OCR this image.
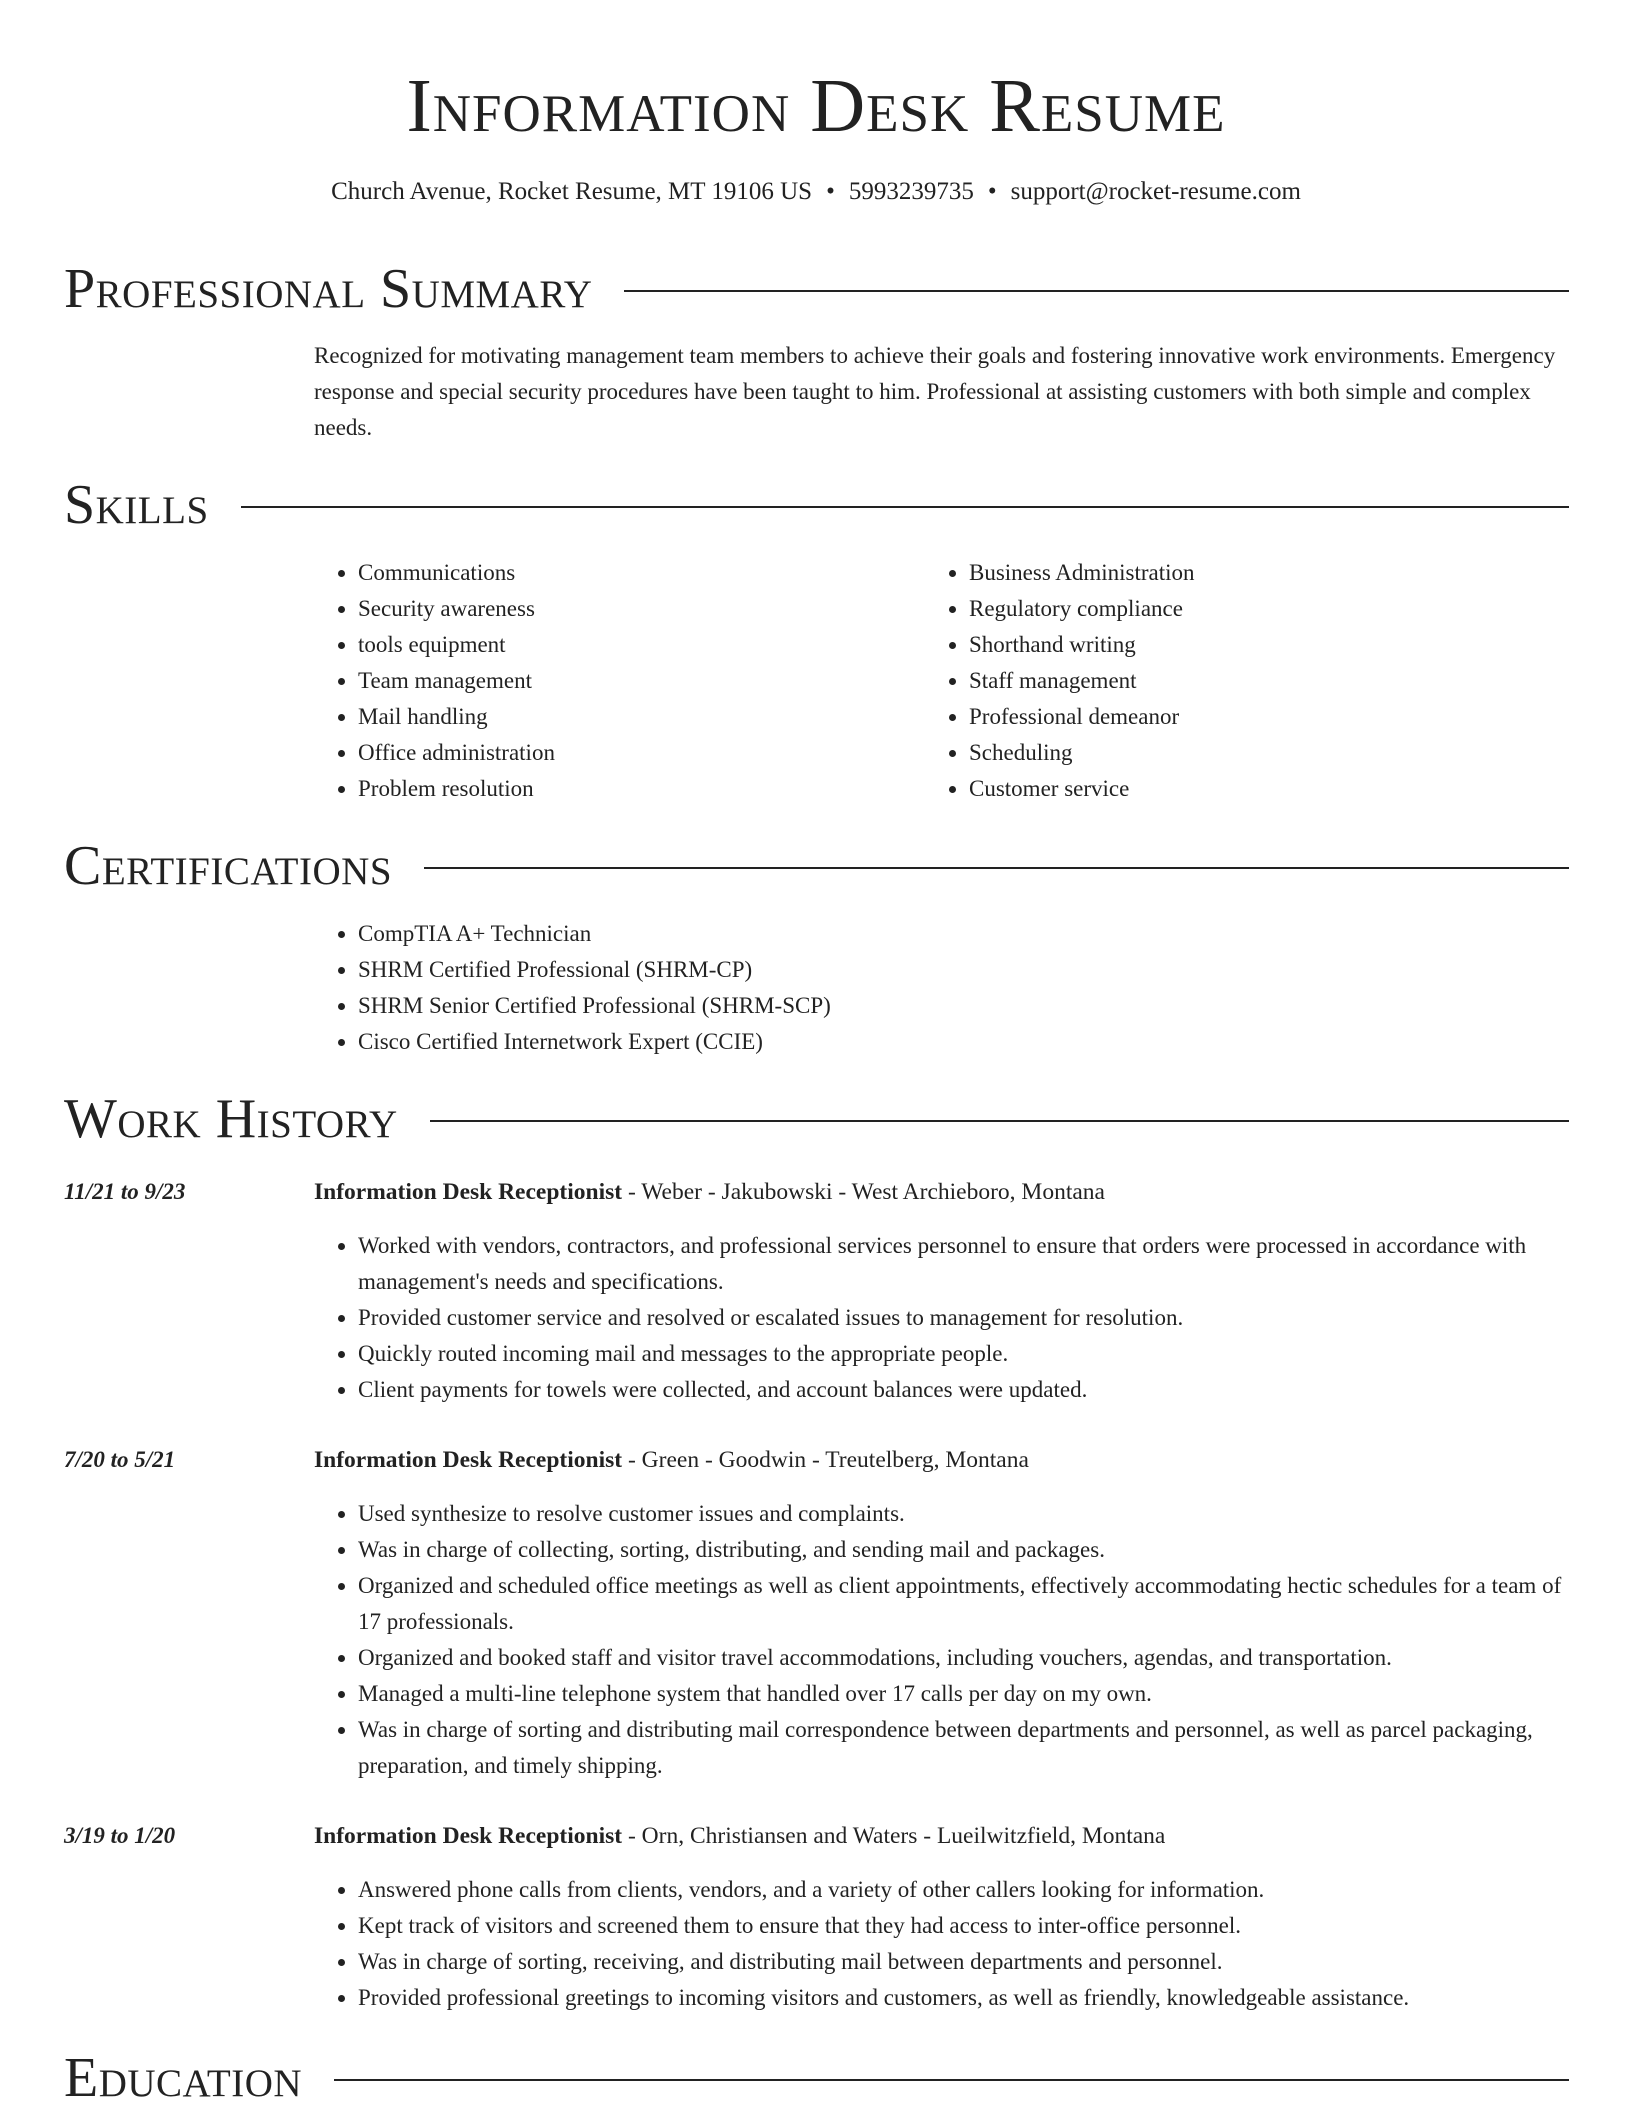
Information Desk Resume
Church Avenue, Rocket Resume, MT 19106 US • 5993239735 • support@rocket-resume.com
Professional Summary

Recognized for motivating management team members to achieve their goals and fostering innovative work environments. Emergency response and special security procedures have been taught to him. Professional at assisting customers with both simple and complex needs.

Skills
• Communications
• Security awareness
• tools equipment
• Team management
• Mail handling
• Office administration
• Problem resolution
• Business Administration
• Regulatory compliance
• Shorthand writing
• Staff management
• Professional demeanor
• Scheduling
• Customer service
Certifications
• CompTIA A+ Technician
• SHRM Certified Professional (SHRM-CP)
• SHRM Senior Certified Professional (SHRM-SCP)
• Cisco Certified Internetwork Expert (CCIE)
Work History
11/21 to 9/23	Information Desk Receptionist - Weber - Jakubowski - West Archieboro, Montana
• Worked with vendors, contractors, and professional services personnel to ensure that orders were processed in accordance with management's needs and specifications.
• Provided customer service and resolved or escalated issues to management for resolution.
• Quickly routed incoming mail and messages to the appropriate people.
• Client payments for towels were collected, and account balances were updated.
7/20 to 5/21	Information Desk Receptionist - Green - Goodwin - Treutelberg, Montana
• Used synthesize to resolve customer issues and complaints.
• Was in charge of collecting, sorting, distributing, and sending mail and packages.
• Organized and scheduled office meetings as well as client appointments, effectively accommodating hectic schedules for a team of 17 professionals.
• Organized and booked staff and visitor travel accommodations, including vouchers, agendas, and transportation.
• Managed a multi-line telephone system that handled over 17 calls per day on my own.
• Was in charge of sorting and distributing mail correspondence between departments and personnel, as well as parcel packaging, preparation, and timely shipping.
3/19 to 1/20	Information Desk Receptionist - Orn, Christiansen and Waters - Lueilwitzfield, Montana
• Answered phone calls from clients, vendors, and a variety of other callers looking for information.
• Kept track of visitors and screened them to ensure that they had access to inter-office personnel.
• Was in charge of sorting, receiving, and distributing mail between departments and personnel.
• Provided professional greetings to incoming visitors and customers, as well as friendly, knowledgeable assistance.
Education
